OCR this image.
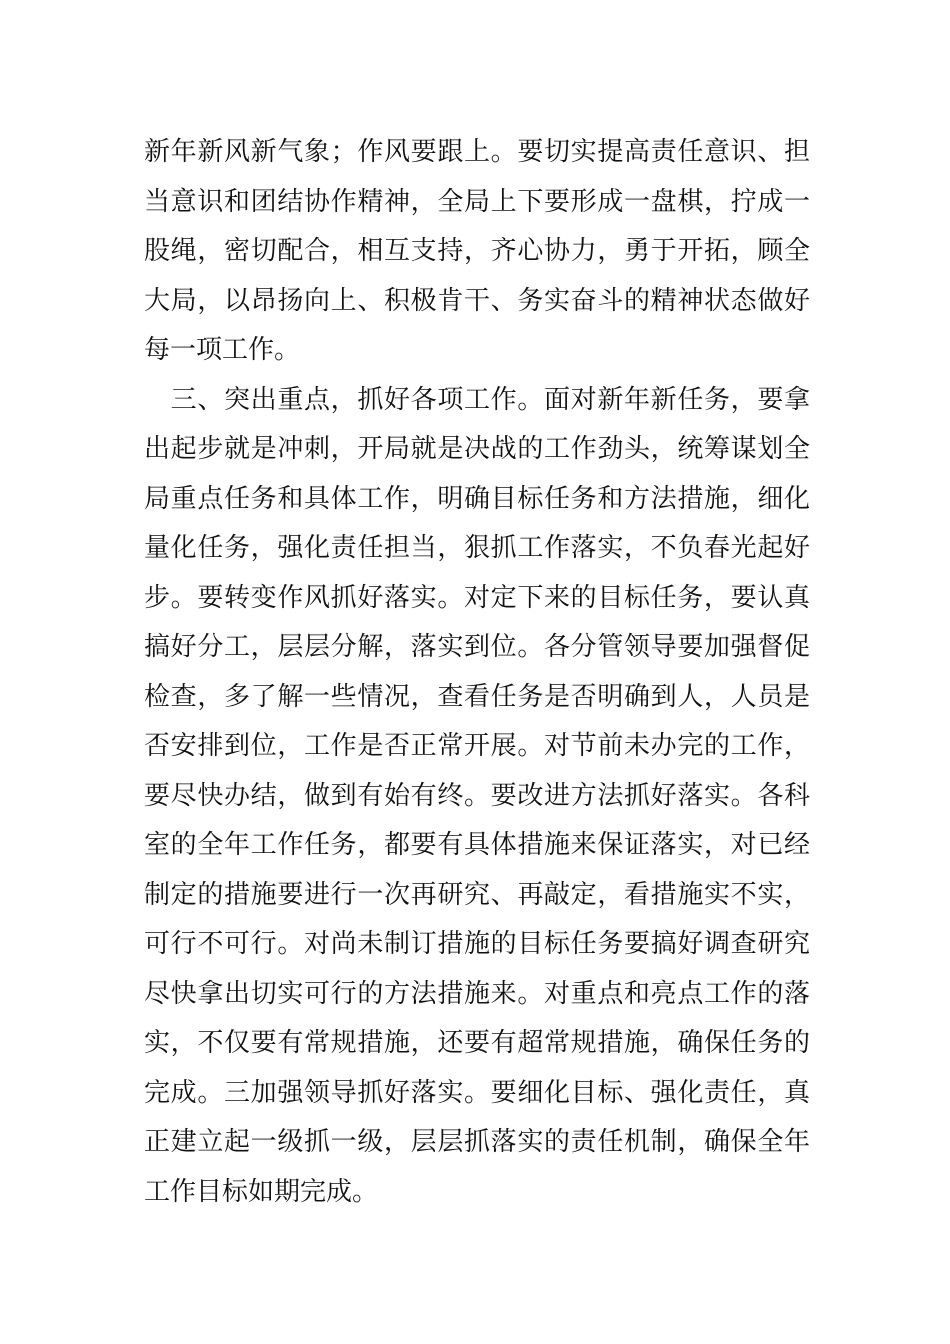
新年新风新气象；作风要跟上。要切实提高责任意识、担
当意识和团结协作精神，全局上下要形成一盘棋，拧成一
股绳，密切配合，相互支持，齐心协力，勇于开拓，顾全
大局，以昂扬向上、积极肯干、务实奋斗的精神状态做好
每一项工作。
　三、突出重点，抓好各项工作。面对新年新任务，要拿
出起步就是冲刺，开局就是决战的工作劲头，统筹谋划全
局重点任务和具体工作，明确目标任务和方法措施，细化
量化任务，强化责任担当，狠抓工作落实，不负春光起好
步。要转变作风抓好落实。对定下来的目标任务，要认真
搞好分工，层层分解，落实到位。各分管领导要加强督促
检查，多了解一些情况，查看任务是否明确到人，人员是
否安排到位，工作是否正常开展。对节前未办完的工作，
要尽快办结，做到有始有终。要改进方法抓好落实。各科
室的全年工作任务，都要有具体措施来保证落实，对已经
制定的措施要进行一次再研究、再敲定，看措施实不实，
可行不可行。对尚未制订措施的目标任务要搞好调查研究
尽快拿出切实可行的方法措施来。对重点和亮点工作的落
实，不仅要有常规措施，还要有超常规措施，确保任务的
完成。三加强领导抓好落实。要细化目标、强化责任，真
正建立起一级抓一级，层层抓落实的责任机制，确保全年
工作目标如期完成。
